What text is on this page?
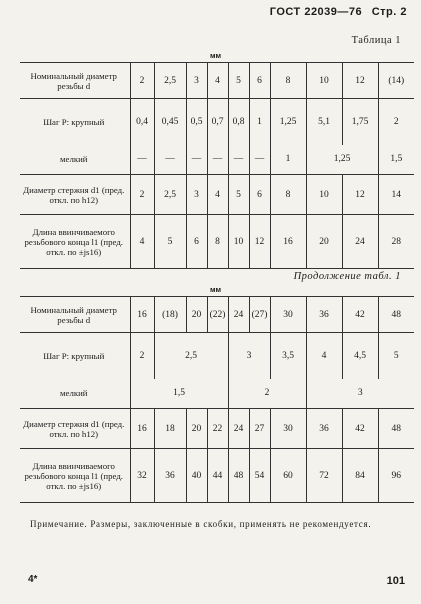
ГОСТ 22039—76 Стр. 2
Таблица 1
мм
Номинальный диаметр резьбы d	2	2,5	3	4	5	6	8	10	12	(14)
Шаг P: крупный	0,4	0,45	0,5	0,7	0,8	1	1,25	5,1	1,75	2
мелкий	—	—	—	—	—	—	1	1,25		1,5
Диаметр стержня d1 (пред. откл. по h12)	2	2,5	3	4	5	6	8	10	12	14
Длина ввинчиваемого резьбового конца l1 (пред. откл. по ±js16)	4	5	6	8	10	12	16	20	24	28
Продолжение табл. 1
мм
Номинальный диаметр резьбы d	16	(18)	20	(22)	24	(27)	30	36	42	48
Шаг P: крупный	2	2,5			3		3,5	4	4,5	5
мелкий	1,5				2			3		
Диаметр стержня d1 (пред. откл. по h12)	16	18	20	22	24	27	30	36	42	48
Длина ввинчиваемого резьбового конца l1 (пред. откл. по ±js16)	32	36	40	44	48	54	60	72	84	96
Примечание. Размеры, заключенные в скобки, применять не рекомендуется.
4*	101
